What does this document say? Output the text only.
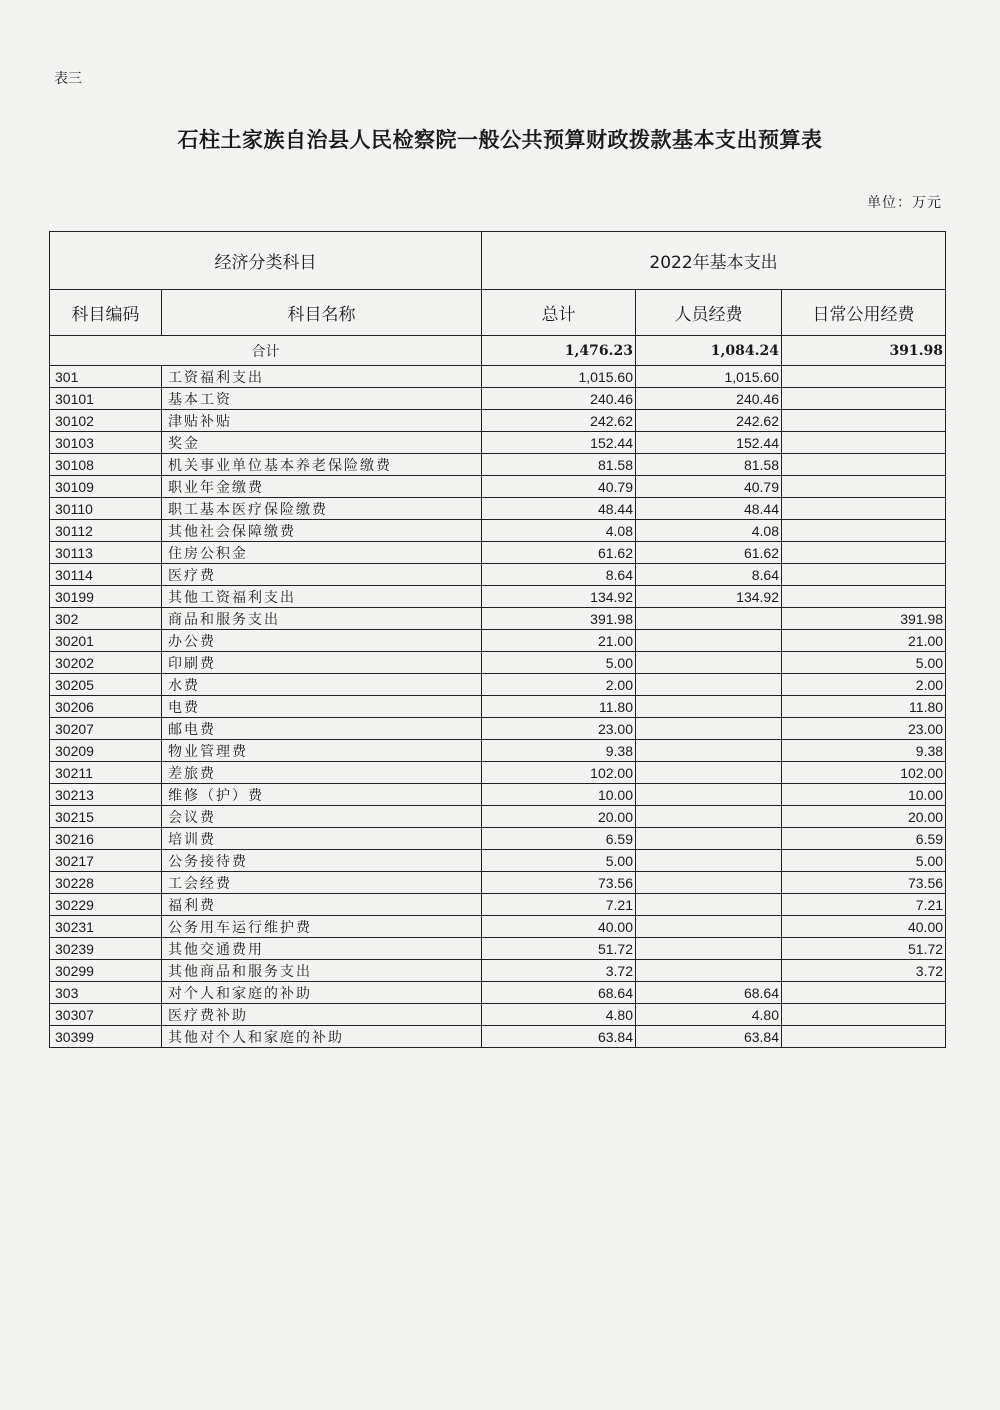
表三
石柱土家族自治县人民检察院一般公共预算财政拨款基本支出预算表
单位：万元
经济分类科目		2022年基本支出		
科目编码	科目名称	总计	人员经费	日常公用经费
合计		1,476.23	1,084.24	391.98
301	工资福利支出	1,015.60	1,015.60	
30101	基本工资	240.46	240.46	
30102	津贴补贴	242.62	242.62	
30103	奖金	152.44	152.44	
30108	机关事业单位基本养老保险缴费	81.58	81.58	
30109	职业年金缴费	40.79	40.79	
30110	职工基本医疗保险缴费	48.44	48.44	
30112	其他社会保障缴费	4.08	4.08	
30113	住房公积金	61.62	61.62	
30114	医疗费	8.64	8.64	
30199	其他工资福利支出	134.92	134.92	
302	商品和服务支出	391.98		391.98
30201	办公费	21.00		21.00
30202	印刷费	5.00		5.00
30205	水费	2.00		2.00
30206	电费	11.80		11.80
30207	邮电费	23.00		23.00
30209	物业管理费	9.38		9.38
30211	差旅费	102.00		102.00
30213	维修（护）费	10.00		10.00
30215	会议费	20.00		20.00
30216	培训费	6.59		6.59
30217	公务接待费	5.00		5.00
30228	工会经费	73.56		73.56
30229	福利费	7.21		7.21
30231	公务用车运行维护费	40.00		40.00
30239	其他交通费用	51.72		51.72
30299	其他商品和服务支出	3.72		3.72
303	对个人和家庭的补助	68.64	68.64	
30307	医疗费补助	4.80	4.80	
30399	其他对个人和家庭的补助	63.84	63.84	
